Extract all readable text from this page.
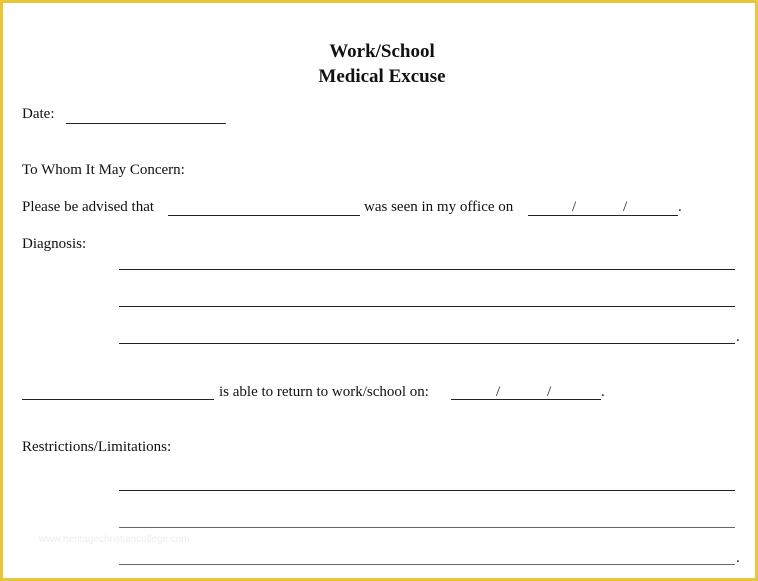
Work/School
Medical Excuse
Date:
To Whom It May Concern:
Please be advised that	was seen in my office on	/	/	.
Diagnosis:
.
is able to return to work/school on:	/	/	.
Restrictions/Limitations:
.
www.heritagechristiancollege.com
